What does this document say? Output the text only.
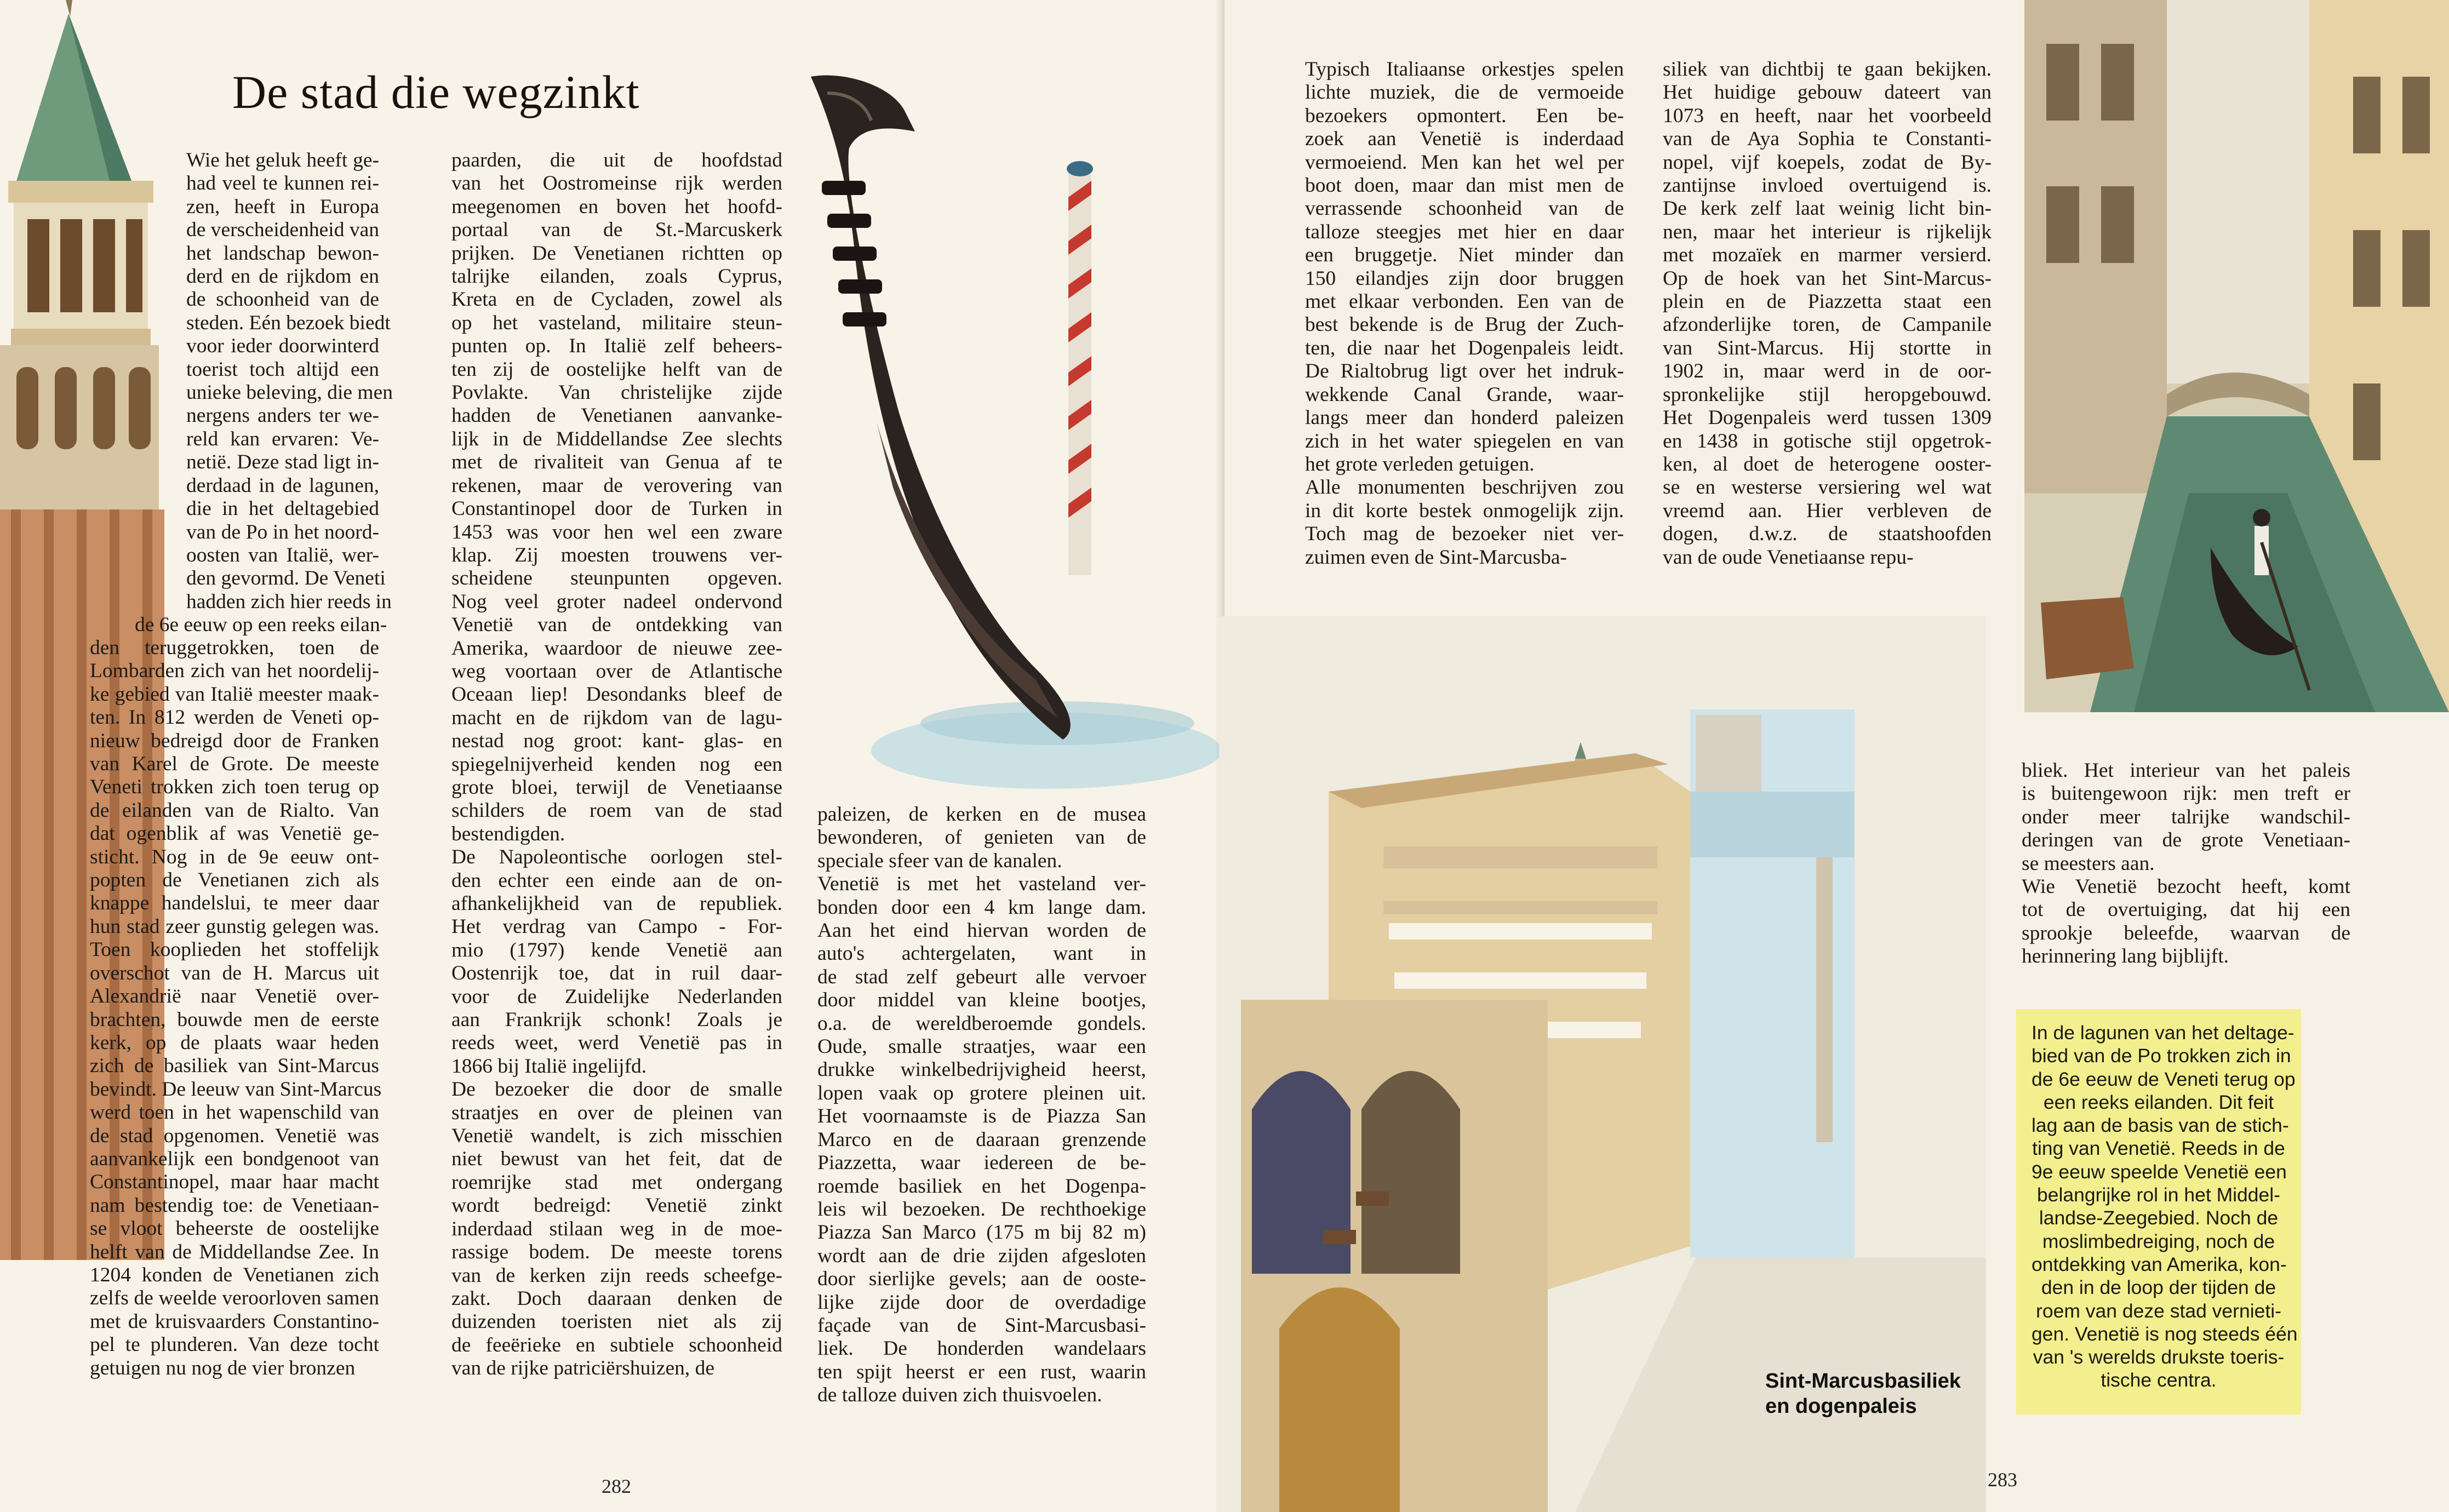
De stad die wegzinkt
Wie het geluk heeft ge-
had veel te kunnen rei-
zen, heeft in Europa
de verscheidenheid van
het landschap bewon-
derd en de rijkdom en
de schoonheid van de
steden. Eén bezoek biedt
voor ieder doorwinterd
toerist toch altijd een
unieke beleving, die men
nergens anders ter we-
reld kan ervaren: Ve-
netië. Deze stad ligt in-
derdaad in de lagunen,
die in het deltagebied
van de Po in het noord-
oosten van Italië, wer-
den gevormd. De Veneti
hadden zich hier reeds in
de 6e eeuw op een reeks eilan-
den teruggetrokken, toen de
Lombarden zich van het noordelij-
ke gebied van Italië meester maak-
ten. In 812 werden de Veneti op-
nieuw bedreigd door de Franken
van Karel de Grote. De meeste
Veneti trokken zich toen terug op
de eilanden van de Rialto. Van
dat ogenblik af was Venetië ge-
sticht. Nog in de 9e eeuw ont-
popten de Venetianen zich als
knappe handelslui, te meer daar
hun stad zeer gunstig gelegen was.
Toen kooplieden het stoffelijk
overschot van de H. Marcus uit
Alexandrië naar Venetië over-
brachten, bouwde men de eerste
kerk, op de plaats waar heden
zich de basiliek van Sint-Marcus
bevindt. De leeuw van Sint-Marcus
werd toen in het wapenschild van
de stad opgenomen. Venetië was
aanvankelijk een bondgenoot van
Constantinopel, maar haar macht
nam bestendig toe: de Venetiaan-
se vloot beheerste de oostelijke
helft van de Middellandse Zee. In
1204 konden de Venetianen zich
zelfs de weelde veroorloven samen
met de kruisvaarders Constantino-
pel te plunderen. Van deze tocht
getuigen nu nog de vier bronzen
paarden, die uit de hoofdstad
van het Oostromeinse rijk werden
meegenomen en boven het hoofd-
portaal van de St.-Marcuskerk
prijken. De Venetianen richtten op
talrijke eilanden, zoals Cyprus,
Kreta en de Cycladen, zowel als
op het vasteland, militaire steun-
punten op. In Italië zelf beheers-
ten zij de oostelijke helft van de
Povlakte. Van christelijke zijde
hadden de Venetianen aanvanke-
lijk in de Middellandse Zee slechts
met de rivaliteit van Genua af te
rekenen, maar de verovering van
Constantinopel door de Turken in
1453 was voor hen wel een zware
klap. Zij moesten trouwens ver-
scheidene steunpunten opgeven.
Nog veel groter nadeel ondervond
Venetië van de ontdekking van
Amerika, waardoor de nieuwe zee-
weg voortaan over de Atlantische
Oceaan liep! Desondanks bleef de
macht en de rijkdom van de lagu-
nestad nog groot: kant- glas- en
spiegelnijverheid kenden nog een
grote bloei, terwijl de Venetiaanse
schilders de roem van de stad
bestendigden.
De Napoleontische oorlogen stel-
den echter een einde aan de on-
afhankelijkheid van de republiek.
Het verdrag van Campo - For-
mio (1797) kende Venetië aan
Oostenrijk toe, dat in ruil daar-
voor de Zuidelijke Nederlanden
aan Frankrijk schonk! Zoals je
reeds weet, werd Venetië pas in
1866 bij Italië ingelijfd.
De bezoeker die door de smalle
straatjes en over de pleinen van
Venetië wandelt, is zich misschien
niet bewust van het feit, dat de
roemrijke stad met ondergang
wordt bedreigd: Venetië zinkt
inderdaad stilaan weg in de moe-
rassige bodem. De meeste torens
van de kerken zijn reeds scheefge-
zakt. Doch daaraan denken de
duizenden toeristen niet als zij
de feeërieke en subtiele schoonheid
van de rijke patriciërshuizen, de
paleizen, de kerken en de musea
bewonderen, of genieten van de
speciale sfeer van de kanalen.
Venetië is met het vasteland ver-
bonden door een 4 km lange dam.
Aan het eind hiervan worden de
auto's achtergelaten, want in
de stad zelf gebeurt alle vervoer
door middel van kleine bootjes,
o.a. de wereldberoemde gondels.
Oude, smalle straatjes, waar een
drukke winkelbedrijvigheid heerst,
lopen vaak op grotere pleinen uit.
Het voornaamste is de Piazza San
Marco en de daaraan grenzende
Piazzetta, waar iedereen de be-
roemde basiliek en het Dogenpa-
leis wil bezoeken. De rechthoekige
Piazza San Marco (175 m bij 82 m)
wordt aan de drie zijden afgesloten
door sierlijke gevels; aan de ooste-
lijke zijde door de overdadige
façade van de Sint-Marcusbasi-
liek. De honderden wandelaars
ten spijt heerst er een rust, waarin
de talloze duiven zich thuisvoelen.
282
Typisch Italiaanse orkestjes spelen
lichte muziek, die de vermoeide
bezoekers opmontert. Een be-
zoek aan Venetië is inderdaad
vermoeiend. Men kan het wel per
boot doen, maar dan mist men de
verrassende schoonheid van de
talloze steegjes met hier en daar
een bruggetje. Niet minder dan
150 eilandjes zijn door bruggen
met elkaar verbonden. Een van de
best bekende is de Brug der Zuch-
ten, die naar het Dogenpaleis leidt.
De Rialtobrug ligt over het indruk-
wekkende Canal Grande, waar-
langs meer dan honderd paleizen
zich in het water spiegelen en van
het grote verleden getuigen.
Alle monumenten beschrijven zou
in dit korte bestek onmogelijk zijn.
Toch mag de bezoeker niet ver-
zuimen even de Sint-Marcusba-
siliek van dichtbij te gaan bekijken.
Het huidige gebouw dateert van
1073 en heeft, naar het voorbeeld
van de Aya Sophia te Constanti-
nopel, vijf koepels, zodat de By-
zantijnse invloed overtuigend is.
De kerk zelf laat weinig licht bin-
nen, maar het interieur is rijkelijk
met mozaïek en marmer versierd.
Op de hoek van het Sint-Marcus-
plein en de Piazzetta staat een
afzonderlijke toren, de Campanile
van Sint-Marcus. Hij stortte in
1902 in, maar werd in de oor-
spronkelijke stijl heropgebouwd.
Het Dogenpaleis werd tussen 1309
en 1438 in gotische stijl opgetrok-
ken, al doet de heterogene ooster-
se en westerse versiering wel wat
vreemd aan. Hier verbleven de
dogen, d.w.z. de staatshoofden
van de oude Venetiaanse repu-
Sint-Marcusbasiliek
en dogenpaleis
bliek. Het interieur van het paleis
is buitengewoon rijk: men treft er
onder meer talrijke wandschil-
deringen van de grote Venetiaan-
se meesters aan.
Wie Venetië bezocht heeft, komt
tot de overtuiging, dat hij een
sprookje beleefde, waarvan de
herinnering lang bijblijft.
In de lagunen van het deltage-
bied van de Po trokken zich in
de 6e eeuw de Veneti terug op
een reeks eilanden. Dit feit
lag aan de basis van de stich-
ting van Venetië. Reeds in de
9e eeuw speelde Venetië een
belangrijke rol in het Middel-
landse-Zeegebied. Noch de
moslimbedreiging, noch de
ontdekking van Amerika, kon-
den in de loop der tijden de
roem van deze stad vernieti-
gen. Venetië is nog steeds één
van 's werelds drukste toeris-
tische centra.
283
